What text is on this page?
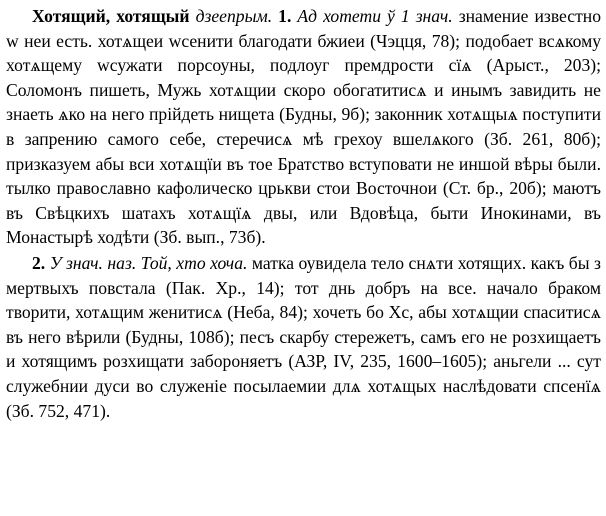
Хотящий, хотящый дзеепрым. 1. Ад хотети ў 1 знач. знамение известно w неи есть. хотѧщеи wсенити благодати бжиеи (Чэцця, 78); подобает всѧкому хотѧщему wсужати порсоуны, подлоуг премдрости сїѧ (Арыст., 203); Соломонъ пишеть, Мужь хотѧщии скоро обогатитисѧ и инымъ завидить не знаеть ѧко на него прійдеть нищета (Будны, 9б); законник хотѧщыѧ поступити в запрению самого себе, стеречисѧ мѣ грехоу вшелѧкого (Зб. 261, 80б); призказуем абы вси хотѧщїи въ тое Братство вступовати не иншой вѣры были. тылко православно кафолическо црькви стои Восточнои (Ст. бр., 20б); маютъ въ Свѣцкихъ шатахъ хотѧщїѧ двы, или Вдовѣца, быти Инокинами, въ Монастырѣ ходѣти (Зб. вып., 73б).

2. У знач. наз. Той, хто хоча. матка оувидела тело снѧти хотящих. какъ бы з мертвыхъ повстала (Пак. Хр., 14); тот днь добръ на все. начало браком творити, хотѧщим женитисѧ (Неба, 84); хочеть бо Хс, абы хотѧщии спаситисѧ въ него вѣрили (Будны, 108б); песъ скарбу стережетъ, самъ его не розхищаетъ и хотящимъ розхищати забороняетъ (АЗР, IV, 235, 1600–1605); аньгели ... сут служебнии дуси во служеніе посылаемии длѧ хотѧщых наслѣдовати спсенїѧ (Зб. 752, 471).
